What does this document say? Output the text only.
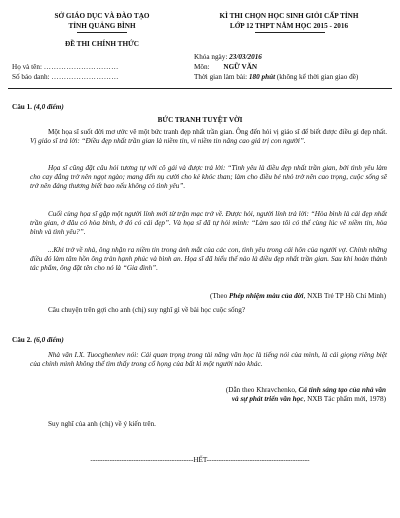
SỞ GIÁO DỤC VÀ ĐÀO TẠO
TỈNH QUẢNG BÌNH
ĐỀ THI CHÍNH THỨC
KÌ THI CHỌN HỌC SINH GIỎI CẤP TỈNH
LỚP 12 THPT NĂM HỌC 2015 - 2016
Họ và tên: …………………………
Số báo danh: ………………………
Khóa ngày: 23/03/2016
Môn: NGỮ VĂN
Thời gian làm bài: 180 phút (không kể thời gian giao đề)
Câu 1. (4,0 điểm)
BỨC TRANH TUYỆT VỜI
Một họa sĩ suốt đời mơ ước vẽ một bức tranh đẹp nhất trần gian. Ông đến hỏi vị giáo sĩ để biết được điều gì đẹp nhất. Vị giáo sĩ trả lời: “Điều đẹp nhất trần gian là niềm tin, vì niềm tin nâng cao giá trị con người”.
Họa sĩ cũng đặt câu hỏi tương tự với cô gái và được trả lời: “Tình yêu là điều đẹp nhất trần gian, bởi tình yêu làm cho cay đắng trở nên ngọt ngào; mang đến nụ cười cho kẻ khóc than; làm cho điều bé nhỏ trở nên cao trọng, cuộc sống sẽ trở nên đáng thương biết bao nếu không có tình yêu”.
Cuối cùng họa sĩ gặp một người lính mới từ trận mạc trở về. Được hỏi, người lính trả lời: “Hòa bình là cái đẹp nhất trần gian, ở đâu có hòa bình, ở đó có cái đẹp”. Và họa sĩ đã tự hỏi mình: “Làm sao tôi có thể cùng lúc vẽ niềm tin, hòa bình và tình yêu?”.
...Khi trở về nhà, ông nhận ra niềm tin trong ánh mắt của các con, tình yêu trong cái hôn của người vợ. Chính những điều đó làm tâm hồn ông tràn hạnh phúc và bình an. Họa sĩ đã hiểu thế nào là điều đẹp nhất trần gian. Sau khi hoàn thành tác phẩm, ông đặt tên cho nó là “Gia đình”.
(Theo Phép nhiệm màu của đời, NXB Trẻ TP Hồ Chí Minh)
Câu chuyện trên gợi cho anh (chị) suy nghĩ gì về bài học cuộc sống?
Câu 2. (6,0 điểm)
Nhà văn I.X. Tuocghenhev nói: Cái quan trọng trong tài năng văn học là tiếng nói của mình, là cái giọng riêng biệt của chính mình không thể tìm thấy trong cổ họng của bất kì một người nào khác.
(Dẫn theo Khravchenko, Cá tính sáng tạo của nhà văn
và sự phát triển văn học, NXB Tác phẩm mới, 1978)
Suy nghĩ của anh (chị) về ý kiến trên.
-------------------------------------------HẾT-------------------------------------------
